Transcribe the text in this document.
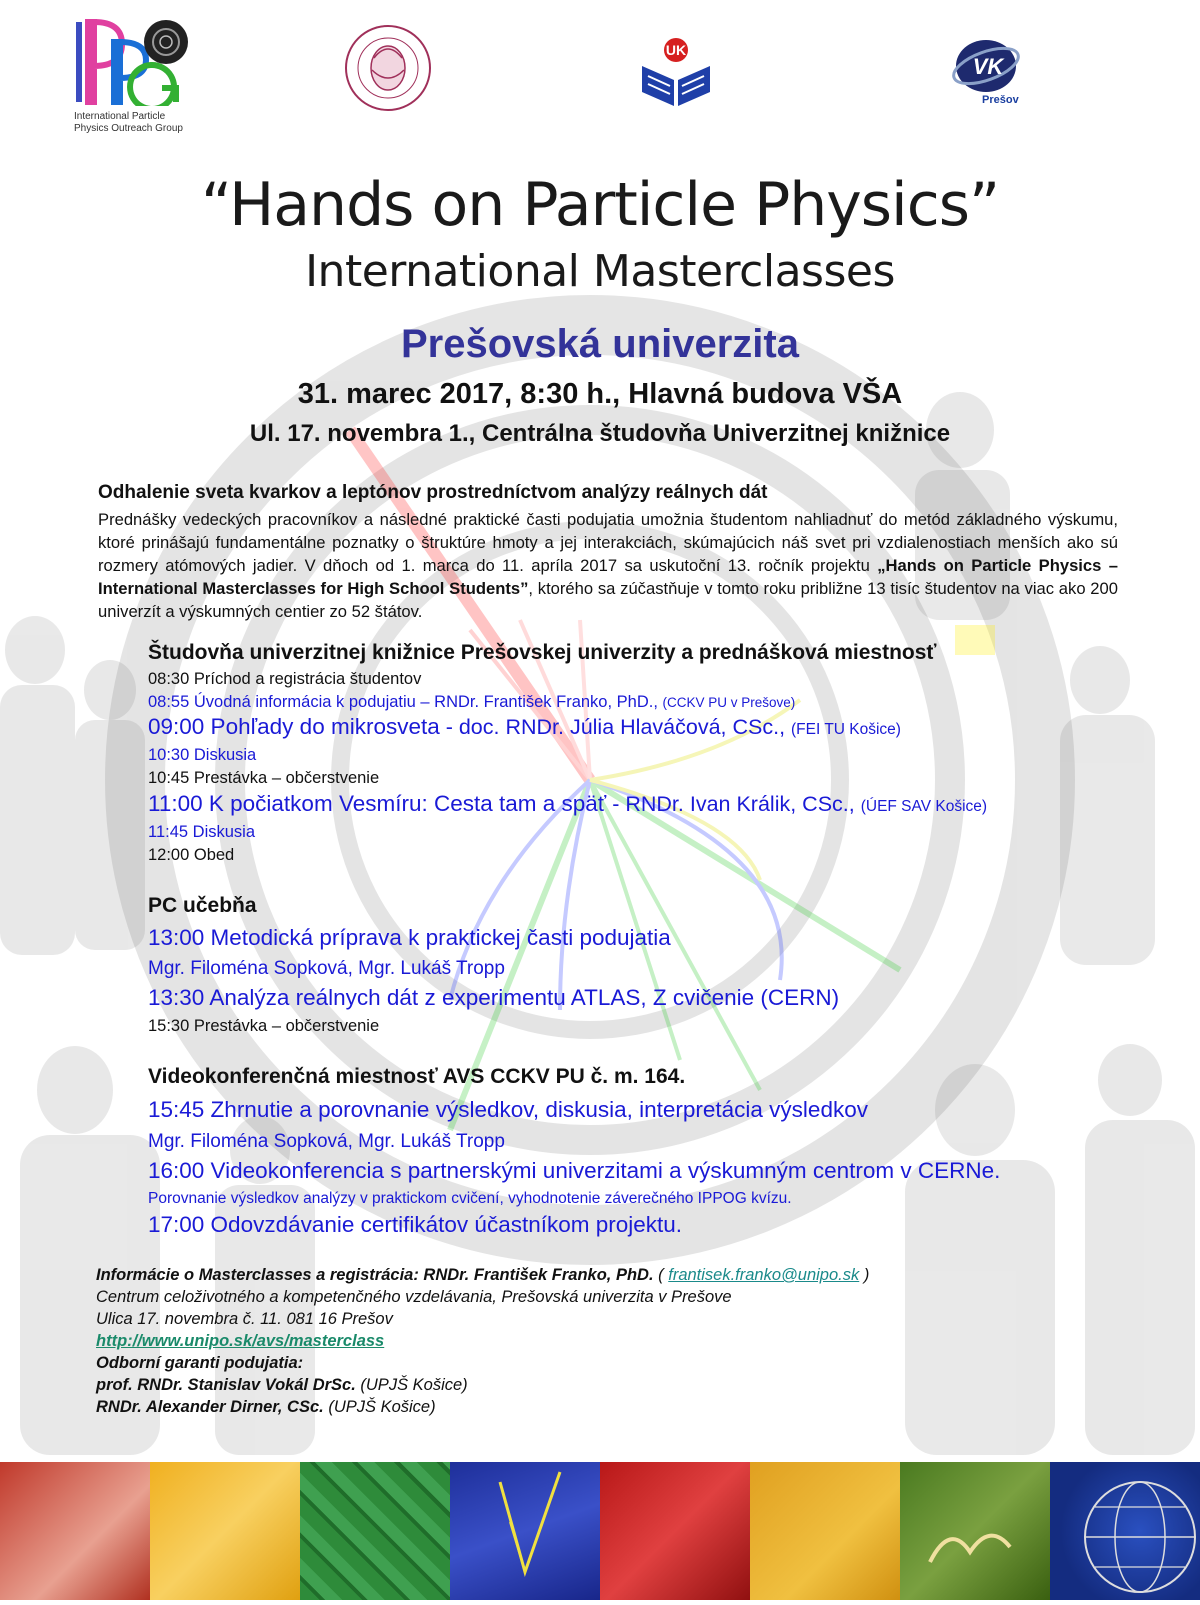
International Particle
Physics Outreach Group
UK
VK
Prešov
“Hands on Particle Physics”
International Masterclasses
Prešovská univerzita
31. marec 2017, 8:30 h., Hlavná budova VŠA
Ul. 17. novembra 1., Centrálna študovňa Univerzitnej knižnice
Odhalenie sveta kvarkov a leptónov prostredníctvom analýzy reálnych dát
Prednášky vedeckých pracovníkov a následné praktické časti podujatia umožnia študentom nahliadnuť do metód základného výskumu, ktoré prinášajú fundamentálne poznatky o štruktúre hmoty a jej interakciách, skúmajúcich náš svet pri vzdialenostiach menších ako sú rozmery atómových jadier. V dňoch od 1. marca do 11. apríla 2017 sa uskutoční 13. ročník projektu „Hands on Particle Physics – International Masterclasses for High School Students”, ktorého sa zúčastňuje v tomto roku približne 13 tisíc študentov na viac ako 200 univerzít a výskumných centier zo 52 štátov.
Študovňa univerzitnej knižnice Prešovskej univerzity a prednášková miestnosť
08:30 Príchod a registrácia študentov
08:55 Úvodná informácia k podujatiu – RNDr. František Franko, PhD., (CCKV PU v Prešove)
09:00 Pohľady do mikrosveta - doc. RNDr. Júlia Hlaváčová, CSc., (FEI TU Košice)
10:30 Diskusia
10:45 Prestávka – občerstvenie
11:00 K počiatkom Vesmíru: Cesta tam a späť - RNDr. Ivan Králik, CSc., (ÚEF SAV Košice)
11:45 Diskusia
12:00 Obed
PC učebňa
13:00 Metodická príprava k praktickej časti podujatia
Mgr. Filoména Sopková, Mgr. Lukáš Tropp
13:30 Analýza reálnych dát z experimentu ATLAS, Z cvičenie (CERN)
15:30 Prestávka – občerstvenie
Videokonferenčná miestnosť AVS CCKV PU č. m. 164.
15:45 Zhrnutie a porovnanie výsledkov, diskusia, interpretácia výsledkov
Mgr. Filoména Sopková, Mgr. Lukáš Tropp
16:00 Videokonferencia s partnerskými univerzitami a výskumným centrom v CERNe.
Porovnanie výsledkov analýzy v praktickom cvičení, vyhodnotenie záverečného IPPOG kvízu.
17:00 Odovzdávanie certifikátov účastníkom projektu.
Informácie o Masterclasses a registrácia: RNDr. František Franko, PhD. ( frantisek.franko@unipo.sk )
Centrum celoživotného a kompetenčného vzdelávania, Prešovská univerzita v Prešove
Ulica 17. novembra č. 11. 081 16 Prešov
http://www.unipo.sk/avs/masterclass
Odborní garanti podujatia:
prof. RNDr. Stanislav Vokál DrSc. (UPJŠ Košice)
RNDr. Alexander Dirner, CSc. (UPJŠ Košice)
